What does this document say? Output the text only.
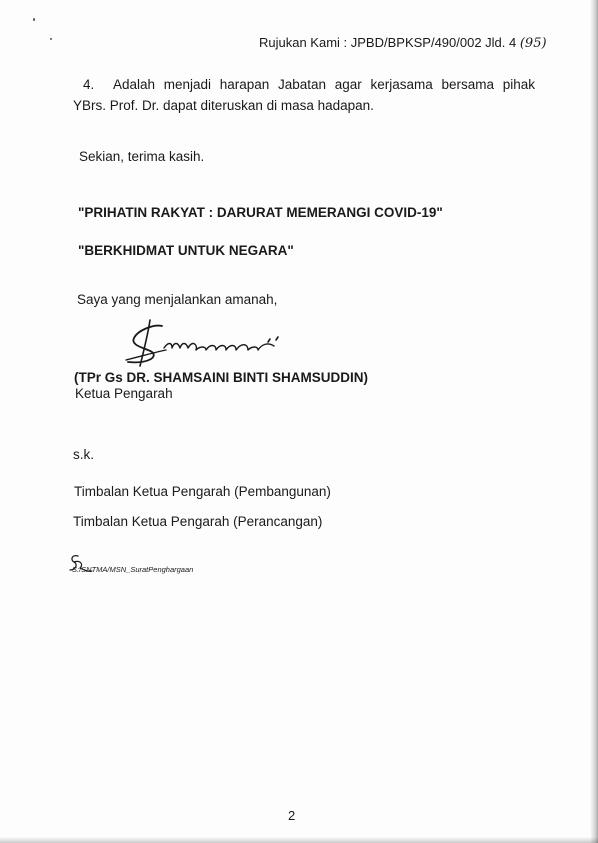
Rujukan Kami : JPBD/BPKSP/490/002 Jld. 4 (95)
4. Adalah menjadi harapan Jabatan agar kerjasama bersama pihak YBrs. Prof. Dr. dapat diteruskan di masa hadapan.
Sekian, terima kasih.
"PRIHATIN RAKYAT : DARURAT MEMERANGI COVID-19"
"BERKHIDMAT UNTUK NEGARA"
Saya yang menjalankan amanah,
(TPr Gs DR. SHAMSAINI BINTI SHAMSUDDIN)
Ketua Pengarah
s.k.
Timbalan Ketua Pengarah (Pembangunan)
Timbalan Ketua Pengarah (Perancangan)
S:/SNTMA/MSN_SuratPenghargaan
2
